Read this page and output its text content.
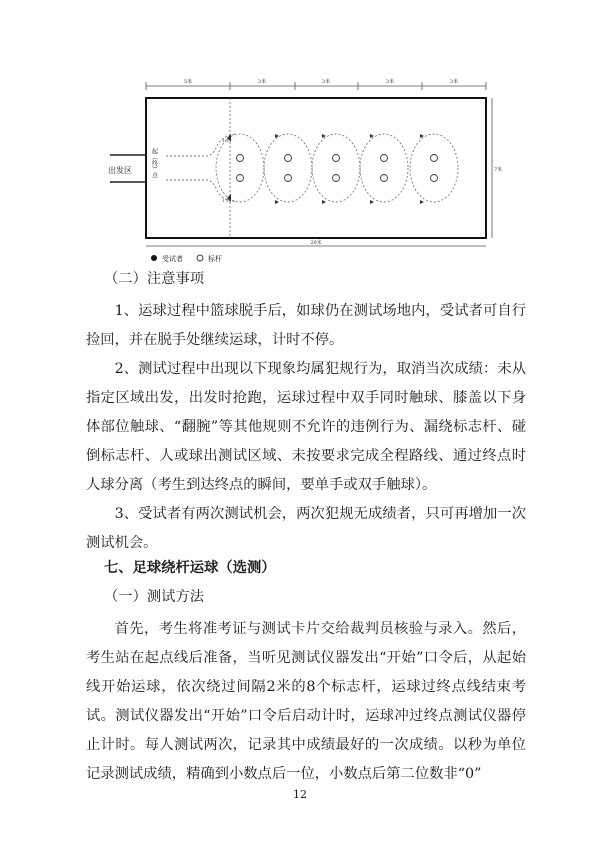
5米	3米	3米	3米	3米
出发区	起（终）点
1米
1米
7米
20米
受试者	标杆

（二）注意事项

1、运球过程中篮球脱手后，如球仍在测试场地内，受试者可自行捡回，并在脱手处继续运球，计时不停。

2、测试过程中出现以下现象均属犯规行为，取消当次成绩：未从指定区域出发，出发时抢跑，运球过程中双手同时触球、膝盖以下身体部位触球、“翻腕”等其他规则不允许的违例行为、漏绕标志杆、碰倒标志杆、人或球出测试区域、未按要求完成全程路线、通过终点时人球分离（考生到达终点的瞬间，要单手或双手触球）。

3、受试者有两次测试机会，两次犯规无成绩者，只可再增加一次测试机会。

七、足球绕杆运球（选测）

（一）测试方法

首先，考生将准考证与测试卡片交给裁判员核验与录入。然后，考生站在起点线后准备，当听见测试仪器发出“开始”口令后，从起始线开始运球，依次绕过间隔2米的8个标志杆，运球过终点线结束考试。测试仪器发出“开始”口令后启动计时，运球冲过终点测试仪器停止计时。每人测试两次，记录其中成绩最好的一次成绩。以秒为单位记录测试成绩，精确到小数点后一位，小数点后第二位数非“0”

12
